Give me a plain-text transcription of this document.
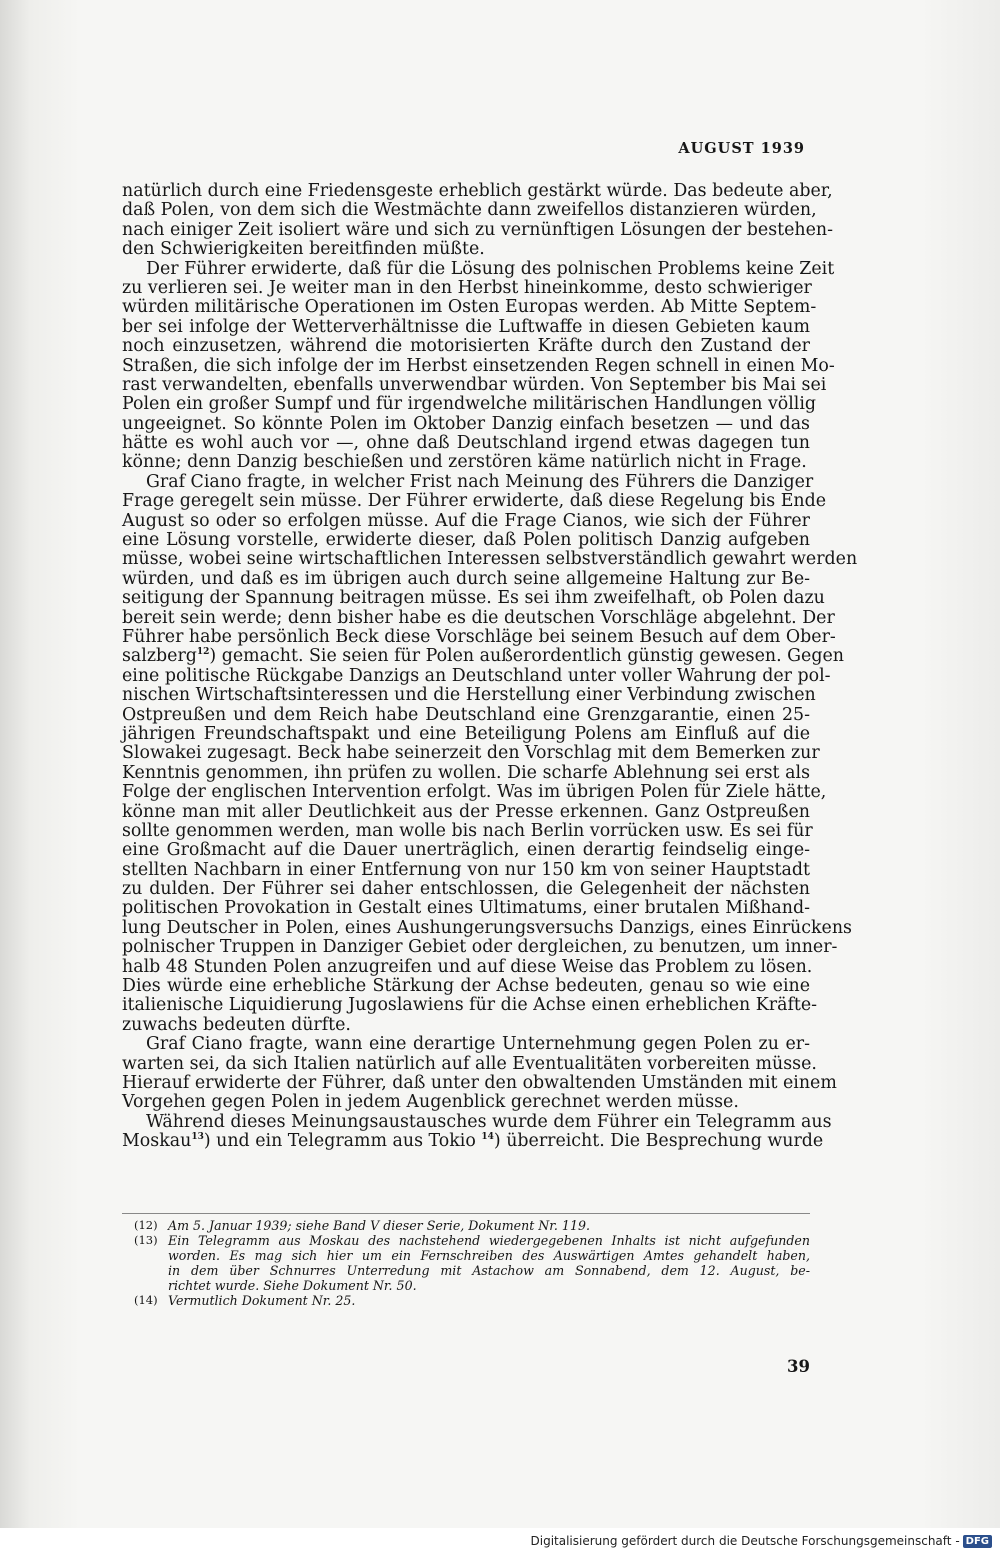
AUGUST 1939
natürlich durch eine Friedensgeste erheblich gestärkt würde. Das bedeute aber,
daß Polen, von dem sich die Westmächte dann zweifellos distanzieren würden,
nach einiger Zeit isoliert wäre und sich zu vernünftigen Lösungen der bestehen-
den Schwierigkeiten bereitfinden müßte.
Der Führer erwiderte, daß für die Lösung des polnischen Problems keine Zeit
zu verlieren sei. Je weiter man in den Herbst hineinkomme, desto schwieriger
würden militärische Operationen im Osten Europas werden. Ab Mitte Septem-
ber sei infolge der Wetterverhältnisse die Luftwaffe in diesen Gebieten kaum
noch einzusetzen, während die motorisierten Kräfte durch den Zustand der
Straßen, die sich infolge der im Herbst einsetzenden Regen schnell in einen Mo-
rast verwandelten, ebenfalls unverwendbar würden. Von September bis Mai sei
Polen ein großer Sumpf und für irgendwelche militärischen Handlungen völlig
ungeeignet. So könnte Polen im Oktober Danzig einfach besetzen — und das
hätte es wohl auch vor —, ohne daß Deutschland irgend etwas dagegen tun
könne; denn Danzig beschießen und zerstören käme natürlich nicht in Frage.
Graf Ciano fragte, in welcher Frist nach Meinung des Führers die Danziger
Frage geregelt sein müsse. Der Führer erwiderte, daß diese Regelung bis Ende
August so oder so erfolgen müsse. Auf die Frage Cianos, wie sich der Führer
eine Lösung vorstelle, erwiderte dieser, daß Polen politisch Danzig aufgeben
müsse, wobei seine wirtschaftlichen Interessen selbstverständlich gewahrt werden
würden, und daß es im übrigen auch durch seine allgemeine Haltung zur Be-
seitigung der Spannung beitragen müsse. Es sei ihm zweifelhaft, ob Polen dazu
bereit sein werde; denn bisher habe es die deutschen Vorschläge abgelehnt. Der
Führer habe persönlich Beck diese Vorschläge bei seinem Besuch auf dem Ober-
salzberg$^{12}$) gemacht. Sie seien für Polen außerordentlich günstig gewesen. Gegen
eine politische Rückgabe Danzigs an Deutschland unter voller Wahrung der pol-
nischen Wirtschaftsinteressen und die Herstellung einer Verbindung zwischen
Ostpreußen und dem Reich habe Deutschland eine Grenzgarantie, einen 25-
jährigen Freundschaftspakt und eine Beteiligung Polens am Einfluß auf die
Slowakei zugesagt. Beck habe seinerzeit den Vorschlag mit dem Bemerken zur
Kenntnis genommen, ihn prüfen zu wollen. Die scharfe Ablehnung sei erst als
Folge der englischen Intervention erfolgt. Was im übrigen Polen für Ziele hätte,
könne man mit aller Deutlichkeit aus der Presse erkennen. Ganz Ostpreußen
sollte genommen werden, man wolle bis nach Berlin vorrücken usw. Es sei für
eine Großmacht auf die Dauer unerträglich, einen derartig feindselig einge-
stellten Nachbarn in einer Entfernung von nur 150 km von seiner Hauptstadt
zu dulden. Der Führer sei daher entschlossen, die Gelegenheit der nächsten
politischen Provokation in Gestalt eines Ultimatums, einer brutalen Mißhand-
lung Deutscher in Polen, eines Aushungerungsversuchs Danzigs, eines Einrückens
polnischer Truppen in Danziger Gebiet oder dergleichen, zu benutzen, um inner-
halb 48 Stunden Polen anzugreifen und auf diese Weise das Problem zu lösen.
Dies würde eine erhebliche Stärkung der Achse bedeuten, genau so wie eine
italienische Liquidierung Jugoslawiens für die Achse einen erheblichen Kräfte-
zuwachs bedeuten dürfte.
Graf Ciano fragte, wann eine derartige Unternehmung gegen Polen zu er-
warten sei, da sich Italien natürlich auf alle Eventualitäten vorbereiten müsse.
Hierauf erwiderte der Führer, daß unter den obwaltenden Umständen mit einem
Vorgehen gegen Polen in jedem Augenblick gerechnet werden müsse.
Während dieses Meinungsaustausches wurde dem Führer ein Telegramm aus
Moskau$^{13}$) und ein Telegramm aus Tokio $^{14}$) überreicht. Die Besprechung wurde
(12) Am 5. Januar 1939; siehe Band V dieser Serie, Dokument Nr. 119.
(13) Ein Telegramm aus Moskau des nachstehend wiedergegebenen Inhalts ist nicht aufgefunden
worden. Es mag sich hier um ein Fernschreiben des Auswärtigen Amtes gehandelt haben,
in dem über Schnurres Unterredung mit Astachow am Sonnabend, dem 12. August, be-
richtet wurde. Siehe Dokument Nr. 50.
(14) Vermutlich Dokument Nr. 25.
39
Digitalisierung gefördert durch die Deutsche Forschungsgemeinschaft - DFG
